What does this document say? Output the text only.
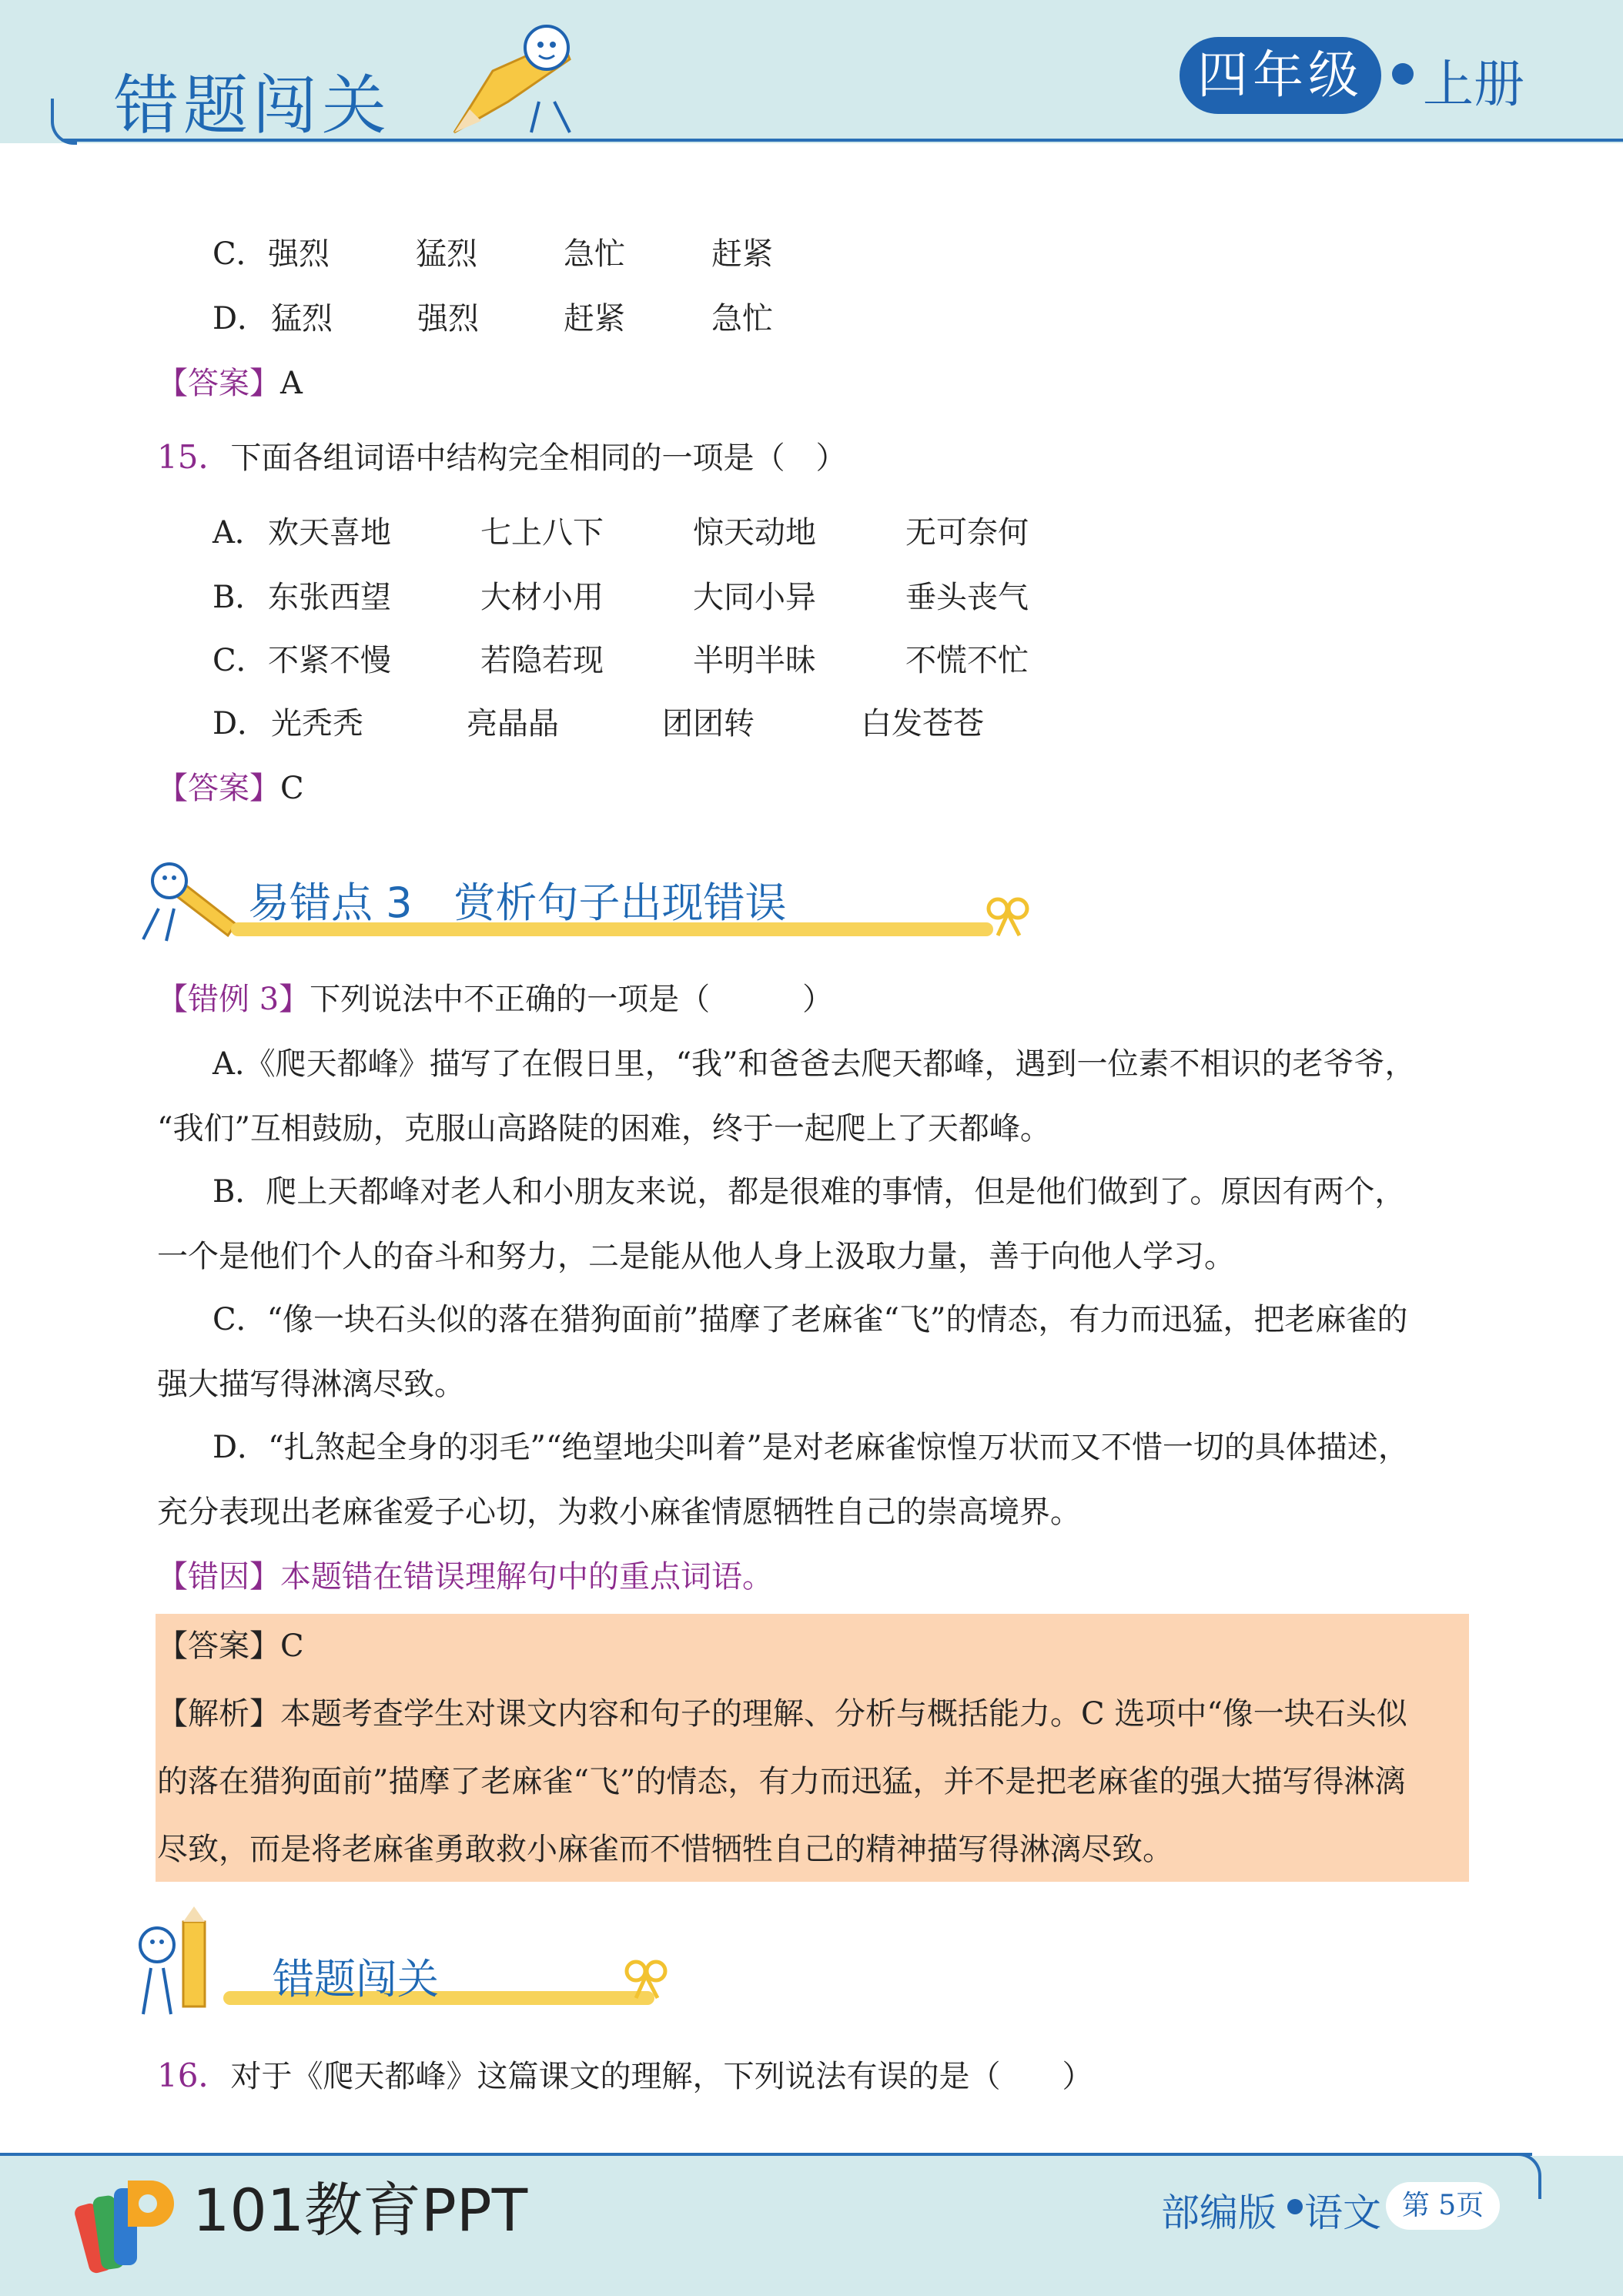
错题闯关	四年级	上册
C． 强烈	猛烈	急忙	赶紧
D． 猛烈	强烈	赶紧	急忙
【答案】A
15．下面各组词语中结构完全相同的一项是（　）
A． 欢天喜地	七上八下	惊天动地	无可奈何
B． 东张西望	大材小用	大同小异	垂头丧气
C． 不紧不慢	若隐若现	半明半昧	不慌不忙
D． 光秃秃	亮晶晶	团团转	白发苍苍
【答案】C
易错点 3　赏析句子出现错误
【错例 3】下列说法中不正确的一项是（　　　）
A.《爬天都峰》描写了在假日里，“我”和爸爸去爬天都峰，遇到一位素不相识的老爷爷，
“我们”互相鼓励，克服山高路陡的困难，终于一起爬上了天都峰。
B．爬上天都峰对老人和小朋友来说，都是很难的事情，但是他们做到了。原因有两个，
一个是他们个人的奋斗和努力，二是能从他人身上汲取力量，善于向他人学习。
C．“像一块石头似的落在猎狗面前”描摩了老麻雀“飞”的情态，有力而迅猛，把老麻雀的
强大描写得淋漓尽致。
D．“扎煞起全身的羽毛”“绝望地尖叫着”是对老麻雀惊惶万状而又不惜一切的具体描述，
充分表现出老麻雀爱子心切，为救小麻雀情愿牺牲自己的崇高境界。
【错因】本题错在错误理解句中的重点词语。
【答案】C
【解析】本题考查学生对课文内容和句子的理解、分析与概括能力。C 选项中“像一块石头似
的落在猎狗面前”描摩了老麻雀“飞”的情态，有力而迅猛，并不是把老麻雀的强大描写得淋漓
尽致，而是将老麻雀勇敢救小麻雀而不惜牺牲自己的精神描写得淋漓尽致。
错题闯关
16．对于《爬天都峰》这篇课文的理解，下列说法有误的是（　　）
101教育PPT	部编版 语文 第 5页
